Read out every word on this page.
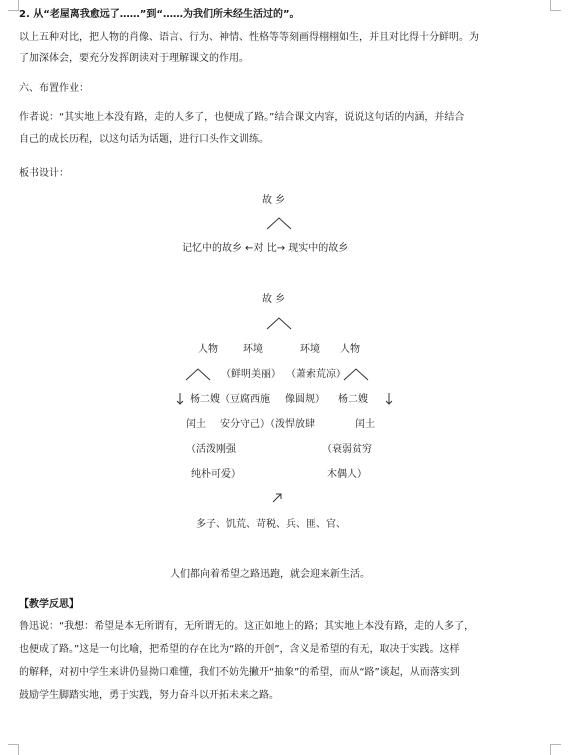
2. 从“老屋离我愈远了……”到“……为我们所未经生活过的”。
以上五种对比，把人物的肖像、语言、行为、神情、性格等等刻画得栩栩如生，并且对比得十分鲜明。为
了加深体会，要充分发挥朗读对于理解课文的作用。
六、布置作业：
作者说：“其实地上本没有路，走的人多了，也便成了路。”结合课文内容，说说这句话的内涵，并结合
自己的成长历程，以这句话为话题，进行口头作文训练。
板书设计：
故 乡
记忆中的故乡 ←对 比→ 现实中的故乡
故 乡
人物	环境	环境 人物
（鲜明美丽） （萧索荒凉）
杨二嫂（豆腐西施 像圆规） 杨二嫂
闰土 安分守己）（泼悍放肆	闰土
（活泼刚强	（衰弱贫穷
纯朴可爱）	木偶人）
多子、饥荒、苛税、兵、匪、官、
人们都向着希望之路迅跑，就会迎来新生活。
【教学反思】
鲁迅说：“我想：希望是本无所谓有，无所谓无的。这正如地上的路；其实地上本没有路，走的人多了，
也便成了路。”这是一句比喻，把希望的存在比为“路的开创”，含义是希望的有无，取决于实践。这样
的解释，对初中学生来讲仍显拗口难懂，我们不妨先撇开“抽象”的希望，而从“路”谈起，从而落实到
鼓励学生脚踏实地，勇于实践，努力奋斗以开拓未来之路。
